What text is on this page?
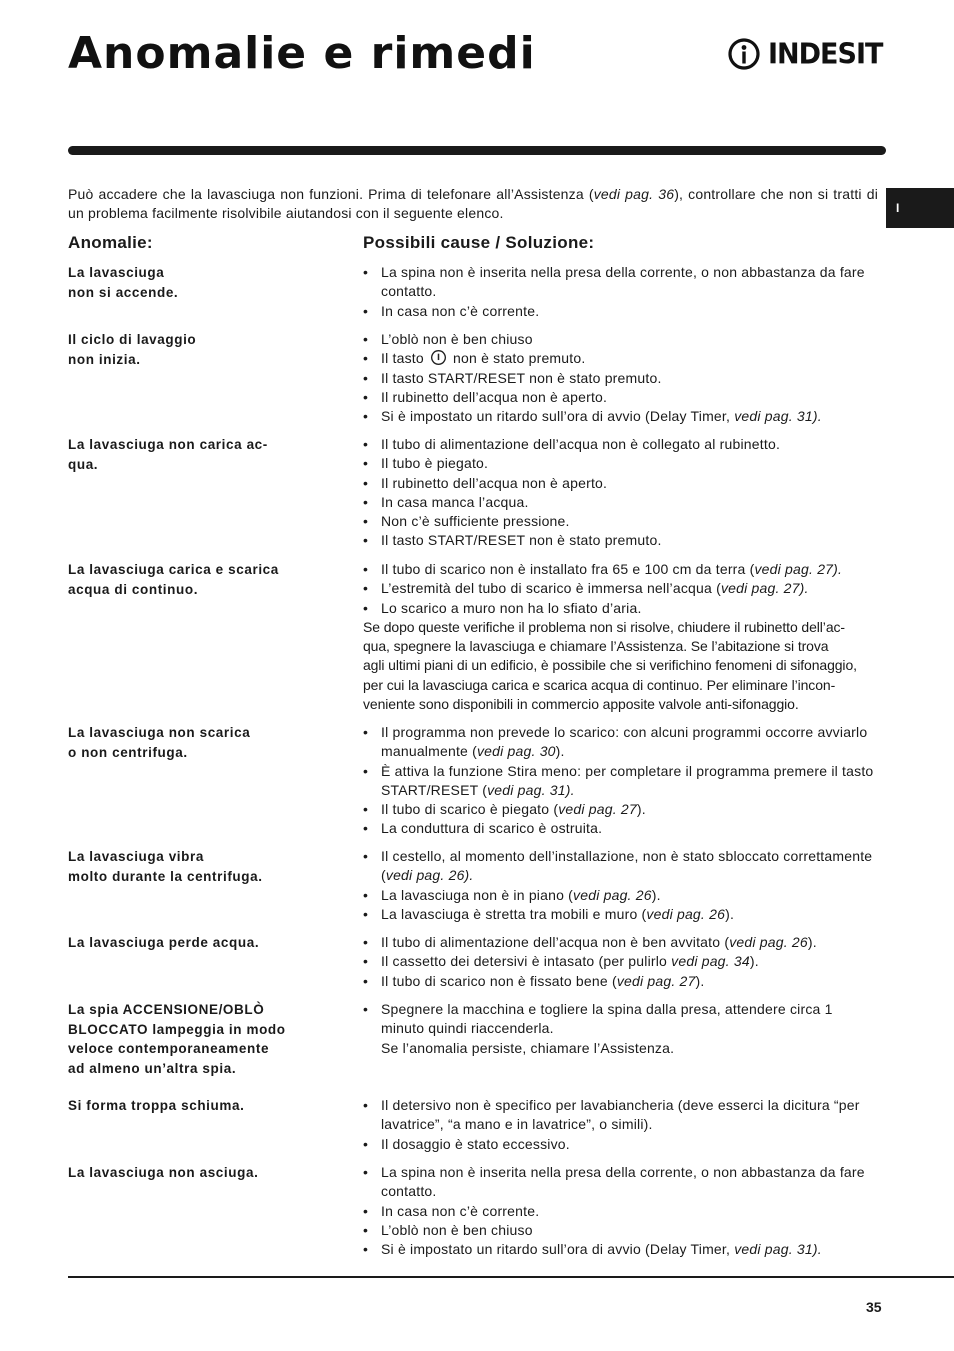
Anomalie e rimedi	INDESIT
I

Può accadere che la lavasciuga non funzioni. Prima di telefonare all’Assistenza (vedi pag. 36), controllare che non si tratti di un problema facilmente risolvibile aiutandosi con il seguente elenco.

Anomalie:	Possibili cause / Soluzione:

La lavasciuga
non si accende.

• La spina non è inserita nella presa della corrente, o non abbastanza da fare contatto.
• In casa non c’è corrente.

Il ciclo di lavaggio
non inizia.

• L’oblò non è ben chiuso
• Il tasto non è stato premuto.
• Il tasto START/RESET non è stato premuto.
• Il rubinetto dell’acqua non è aperto.
• Si è impostato un ritardo sull’ora di avvio (Delay Timer, vedi pag. 31).

La lavasciuga non carica ac-
qua.

• Il tubo di alimentazione dell’acqua non è collegato al rubinetto.
• Il tubo è piegato.
• Il rubinetto dell’acqua non è aperto.
• In casa manca l’acqua.
• Non c’è sufficiente pressione.
• Il tasto START/RESET non è stato premuto.

La lavasciuga carica e scarica
acqua di continuo.

• Il tubo di scarico non è installato fra 65 e 100 cm da terra (vedi pag. 27).
• L’estremità del tubo di scarico è immersa nell’acqua (vedi pag. 27).
• Lo scarico a muro non ha lo sfiato d’aria.

Se dopo queste verifiche il problema non si risolve, chiudere il rubinetto dell’ac-
qua, spegnere la lavasciuga e chiamare l’Assistenza. Se l’abitazione si trova
agli ultimi piani di un edificio, è possibile che si verifichino fenomeni di sifonaggio,
per cui la lavasciuga carica e scarica acqua di continuo. Per eliminare l’incon-
veniente sono disponibili in commercio apposite valvole anti-sifonaggio.

La lavasciuga non scarica
o non centrifuga.

• Il programma non prevede lo scarico: con alcuni programmi occorre avviarlo manualmente (vedi pag. 30).
• È attiva la funzione Stira meno: per completare il programma premere il tasto START/RESET (vedi pag. 31).
• Il tubo di scarico è piegato (vedi pag. 27).
• La conduttura di scarico è ostruita.

La lavasciuga vibra
molto durante la centrifuga.

• Il cestello, al momento dell’installazione, non è stato sbloccato correttamente (vedi pag. 26).
• La lavasciuga non è in piano (vedi pag. 26).
• La lavasciuga è stretta tra mobili e muro (vedi pag. 26).

La lavasciuga perde acqua.	• Il tubo di alimentazione dell’acqua non è ben avvitato (vedi pag. 26).
• Il cassetto dei detersivi è intasato (per pulirlo vedi pag. 34).
• Il tubo di scarico non è fissato bene (vedi pag. 27).

La spia ACCENSIONE/OBLÒ
BLOCCATO lampeggia in modo
veloce contemporaneamente
ad almeno un’altra spia.

• Spegnere la macchina e togliere la spina dalla presa, attendere circa 1 minuto quindi riaccenderla.
Se l’anomalia persiste, chiamare l’Assistenza.

Si forma troppa schiuma.	• Il detersivo non è specifico per lavabiancheria (deve esserci la dicitura “per lavatrice”, “a mano e in lavatrice”, o simili).
• Il dosaggio è stato eccessivo.

La lavasciuga non asciuga.	• La spina non è inserita nella presa della corrente, o non abbastanza da fare contatto.
• In casa non c’è corrente.
• L’oblò non è ben chiuso
• Si è impostato un ritardo sull’ora di avvio (Delay Timer, vedi pag. 31).
35
